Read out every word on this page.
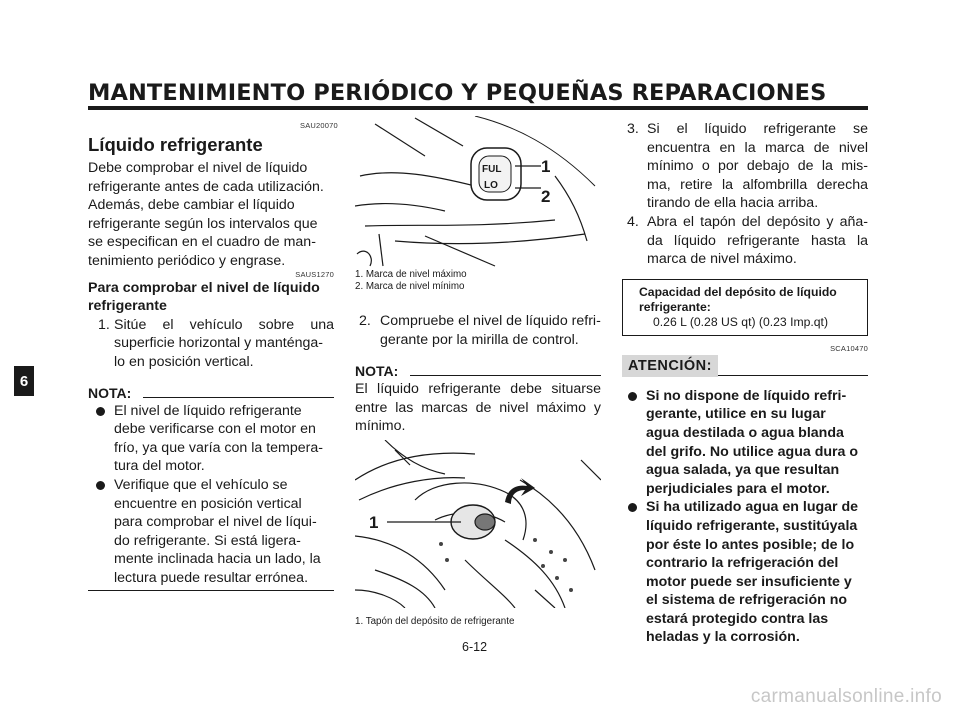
MANTENIMIENTO PERIÓDICO Y PEQUEÑAS REPARACIONES
6
SAU20070
Líquido refrigerante

Debe comprobar el nivel de líquido

refrigerante antes de cada utilización.

Además, debe cambiar el líquido

refrigerante según los intervalos que

se especifican en el cuadro de man-

tenimiento periódico y engrase.

SAUS1270

Para comprobar el nivel de líquido

refrigerante

1. Sitúe el vehículo sobre una
superficie horizontal y manténga-
lo en posición vertical.
NOTA:
El nivel de líquido refrigerante
debe verificarse con el motor en
frío, ya que varía con la tempera-
tura del motor.
Verifique que el vehículo se
encuentre en posición vertical
para comprobar el nivel de líqui-
do refrigerante. Si está ligera-
mente inclinada hacia un lado, la
lectura puede resultar errónea.
FUL
LO
1
2
1. Marca de nivel máximo
2. Marca de nivel mínimo
2. Compruebe el nivel de líquido refri-
gerante por la mirilla de control.
NOTA:

El líquido refrigerante debe situarse

entre las marcas de nivel máximo y

mínimo.

1
1. Tapón del depósito de refrigerante
3. Si el líquido refrigerante se
encuentra en la marca de nivel
mínimo o por debajo de la mis-
ma, retire la alfombrilla derecha
tirando de ella hacia arriba.
4. Abra el tapón del depósito y aña-
da líquido refrigerante hasta la
marca de nivel máximo.
Capacidad del depósito de líquido
refrigerante:
0.26 L (0.28 US qt) (0.23 Imp.qt)
SCA10470
ATENCIÓN:
Si no dispone de líquido refri-
gerante, utilice en su lugar
agua destilada o agua blanda
del grifo. No utilice agua dura o
agua salada, ya que resultan
perjudiciales para el motor.
Si ha utilizado agua en lugar de
líquido refrigerante, sustitúyala
por éste lo antes posible; de lo
contrario la refrigeración del
motor puede ser insuficiente y
el sistema de refrigeración no
estará protegido contra las
heladas y la corrosión.
6-12
carmanualsonline.info
